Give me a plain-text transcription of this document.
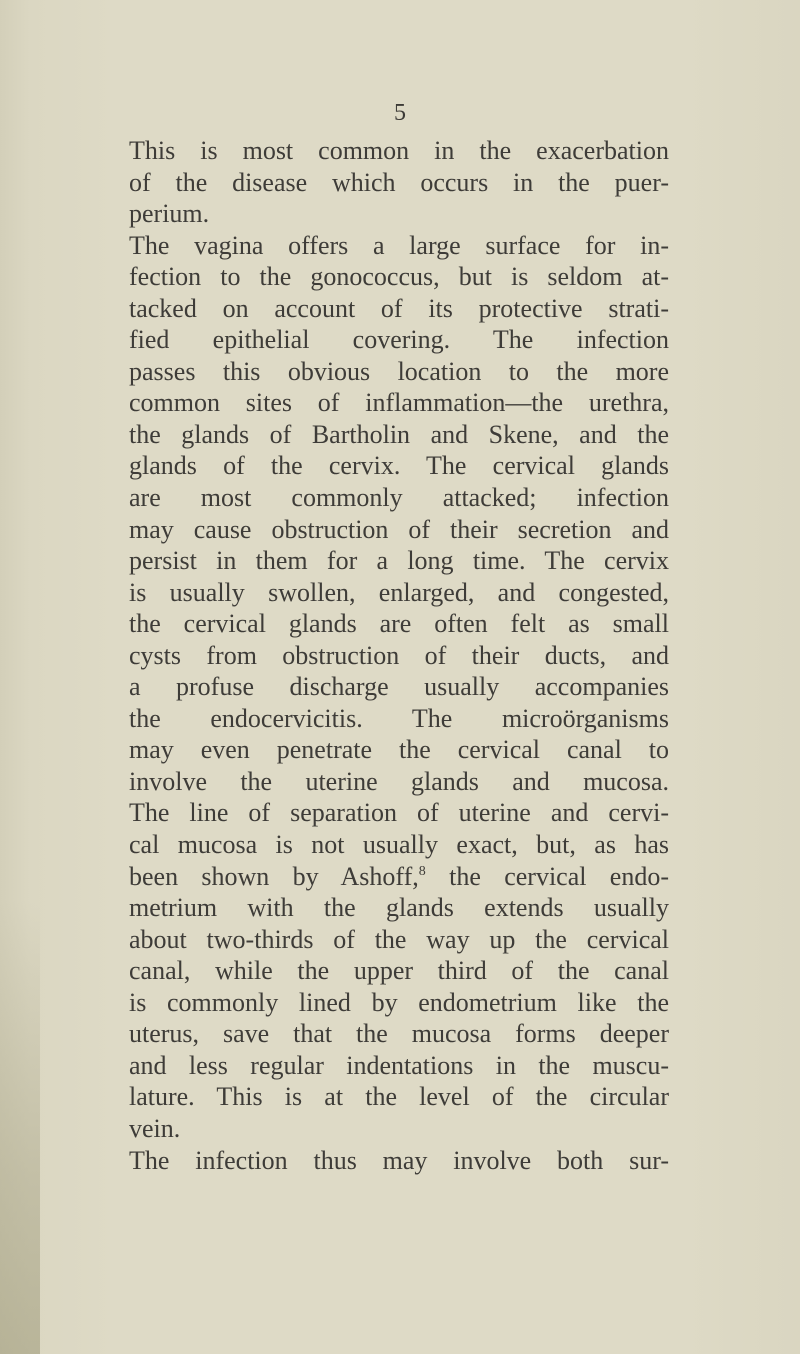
5

This is most common in the exacerbation
of the disease which occurs in the puer-
perium.
The vagina offers a large surface for in-
fection to the gonococcus, but is seldom at-
tacked on account of its protective strati-
fied epithelial covering. The infection
passes this obvious location to the more
common sites of inflammation—the urethra,
the glands of Bartholin and Skene, and the
glands of the cervix. The cervical glands
are most commonly attacked; infection
may cause obstruction of their secretion and
persist in them for a long time. The cervix
is usually swollen, enlarged, and congested,
the cervical glands are often felt as small
cysts from obstruction of their ducts, and
a profuse discharge usually accompanies
the endocervicitis. The microörganisms
may even penetrate the cervical canal to
involve the uterine glands and mucosa.
The line of separation of uterine and cervi-
cal mucosa is not usually exact, but, as has
been shown by Ashoff,$^8$ the cervical endo-
metrium with the glands extends usually
about two-thirds of the way up the cervical
canal, while the upper third of the canal
is commonly lined by endometrium like the
uterus, save that the mucosa forms deeper
and less regular indentations in the muscu-
lature. This is at the level of the circular
vein.
The infection thus may involve both sur-
